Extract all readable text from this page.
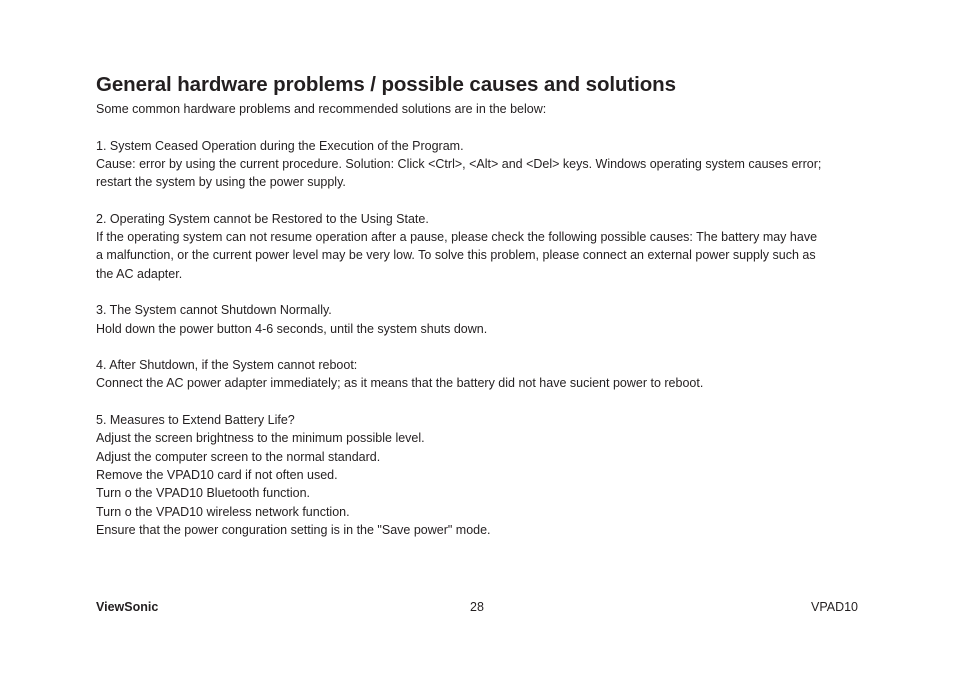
General hardware problems / possible causes and solutions

Some common hardware problems and recommended solutions are in the below:

1. System Ceased Operation during the Execution of the Program.

Cause: error by using the current procedure. Solution: Click <Ctrl>, <Alt> and <Del> keys. Windows operating system causes error;

restart the system by using the power supply.

2. Operating System cannot be Restored to the Using State.

If the operating system can not resume operation after a pause, please check the following possible causes: The battery may have

a malfunction, or the current power level may be very low. To solve this problem, please connect an external power supply such as

the AC adapter.

3. The System cannot Shutdown Normally.

Hold down the power button 4-6 seconds, until the system shuts down.

4. After Shutdown, if the System cannot reboot:

Connect the AC power adapter immediately; as it means that the battery did not have sucient power to reboot.

5. Measures to Extend Battery Life?

Adjust the screen brightness to the minimum possible level.

Adjust the computer screen to the normal standard.

Remove the VPAD10 card if not often used.

Turn o the VPAD10 Bluetooth function.

Turn o the VPAD10 wireless network function.

Ensure that the power conguration setting is in the "Save power" mode.

ViewSonic	28	VPAD10
